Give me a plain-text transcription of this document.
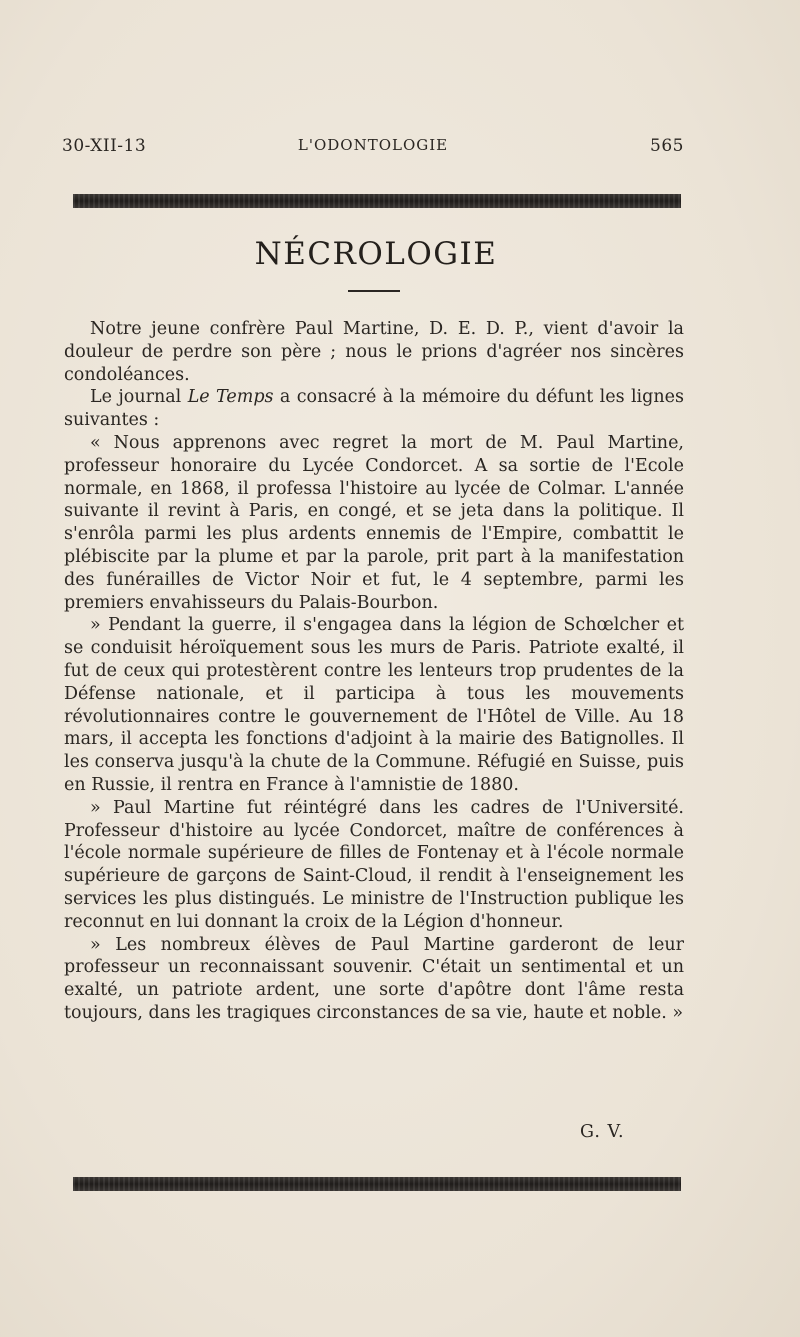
30-XII-13	L'ODONTOLOGIE	565
NÉCROLOGIE

Notre jeune confrère Paul Martine, D. E. D. P., vient d'avoir la douleur de perdre son père ; nous le prions d'agréer nos sincères condoléances.

Le journal Le Temps a consacré à la mémoire du défunt les lignes suivantes :

« Nous apprenons avec regret la mort de M. Paul Martine, professeur honoraire du Lycée Condorcet. A sa sortie de l'Ecole normale, en 1868, il professa l'histoire au lycée de Colmar. L'année suivante il revint à Paris, en congé, et se jeta dans la politique. Il s'enrôla parmi les plus ardents ennemis de l'Empire, combattit le plébiscite par la plume et par la parole, prit part à la manifestation des funérailles de Victor Noir et fut, le 4 septembre, parmi les premiers envahisseurs du Palais-Bourbon.

» Pendant la guerre, il s'engagea dans la légion de Schœlcher et se conduisit héroïquement sous les murs de Paris. Patriote exalté, il fut de ceux qui protestèrent contre les lenteurs trop prudentes de la Défense nationale, et il participa à tous les mouvements révolutionnaires contre le gouvernement de l'Hôtel de Ville. Au 18 mars, il accepta les fonctions d'adjoint à la mairie des Batignolles. Il les conserva jusqu'à la chute de la Commune. Réfugié en Suisse, puis en Russie, il rentra en France à l'amnistie de 1880.

» Paul Martine fut réintégré dans les cadres de l'Université. Professeur d'histoire au lycée Condorcet, maître de conférences à l'école normale supérieure de filles de Fontenay et à l'école normale supérieure de garçons de Saint-Cloud, il rendit à l'enseignement les services les plus distingués. Le ministre de l'Instruction publique les reconnut en lui donnant la croix de la Légion d'honneur.

» Les nombreux élèves de Paul Martine garderont de leur professeur un reconnaissant souvenir. C'était un sentimental et un exalté, un patriote ardent, une sorte d'apôtre dont l'âme resta toujours, dans les tragiques circonstances de sa vie, haute et noble. »

G. V.
